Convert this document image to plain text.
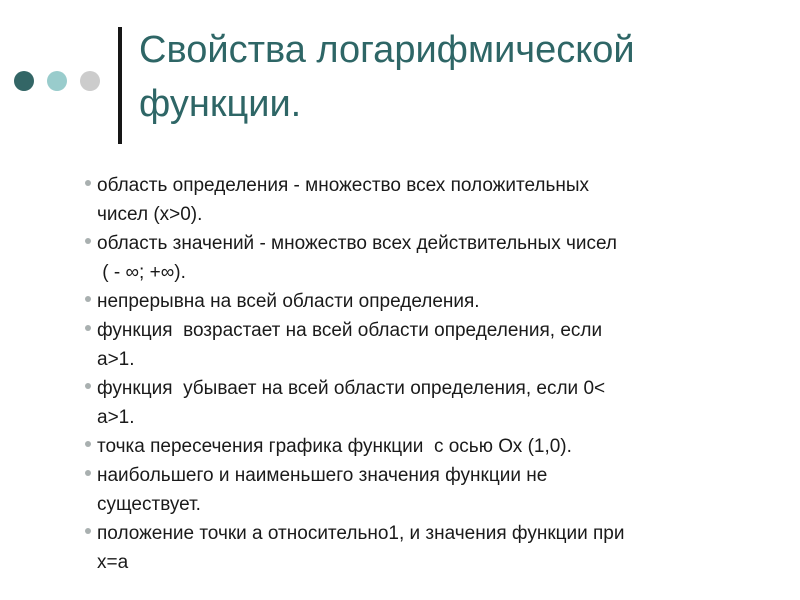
Свойства логарифмической функции.
область определения - множество всех положительных
чисел (х>0).
область значений - множество всех действительных чисел
( - ∞; +∞).
непрерывна на всей области определения.
функция  возрастает на всей области определения, если
а>1.
функция  убывает на всей области определения, если 0<
а>1.
точка пересечения графика функции  с осью Ох (1,0).
наибольшего и наименьшего значения функции не
существует.
положение точки а относительно1, и значения функции при
х=а
